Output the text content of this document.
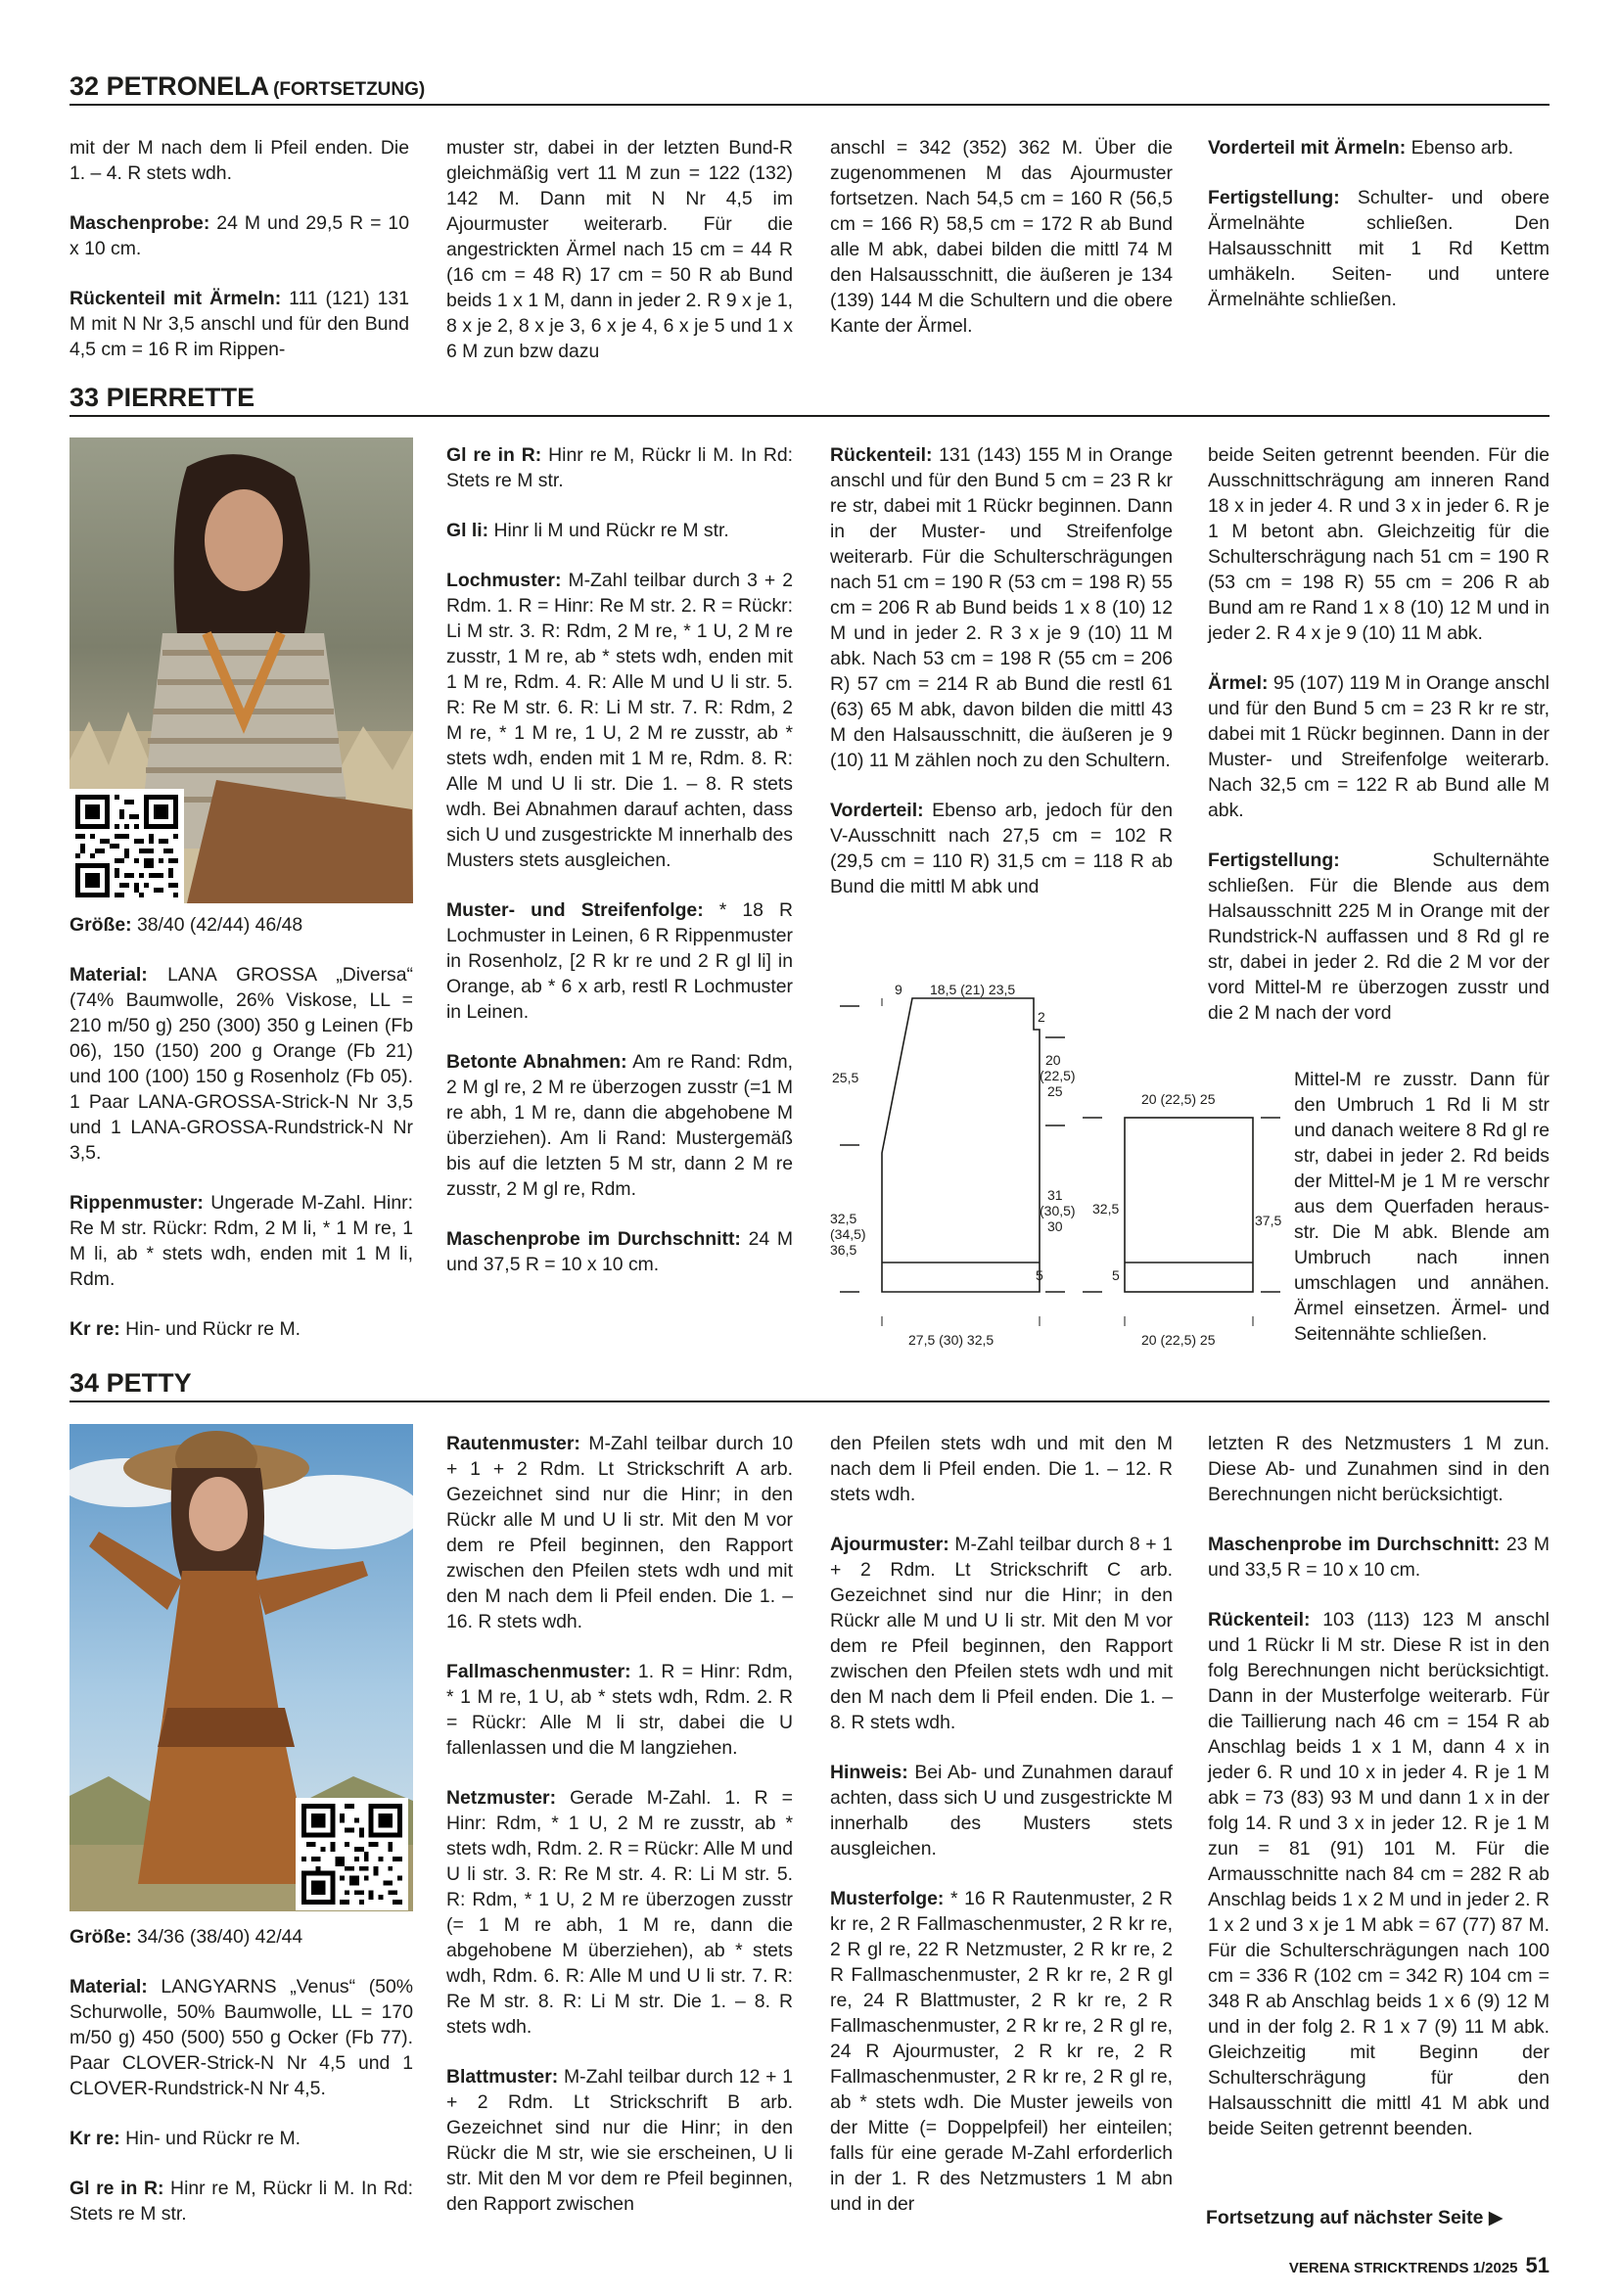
32 PETRONELA (FORTSETZUNG)

mit der M nach dem li Pfeil enden. Die 1. – 4. R stets wdh.

Maschenprobe: 24 M und 29,5 R = 10 x 10 cm.

Rückenteil mit Ärmeln: 111 (121) 131 M mit N Nr 3,5 anschl und für den Bund 4,5 cm = 16 R im Rippen-

muster str, dabei in der letzten Bund-R gleichmäßig vert 11 M zun = 122 (132) 142 M. Dann mit N Nr 4,5 im Ajourmuster weiterarb. Für die angestrickten Ärmel nach 15 cm = 44 R (16 cm = 48 R) 17 cm = 50 R ab Bund beids 1 x 1 M, dann in jeder 2. R 9 x je 1, 8 x je 2, 8 x je 3, 6 x je 4, 6 x je 5 und 1 x 6 M zun bzw dazu

anschl = 342 (352) 362 M. Über die zugenommenen M das Ajourmuster fortsetzen. Nach 54,5 cm = 160 R (56,5 cm = 166 R) 58,5 cm = 172 R ab Bund alle M abk, dabei bilden die mittl 74 M den Halsausschnitt, die äußeren je 134 (139) 144 M die Schultern und die obere Kante der Ärmel.

Vorderteil mit Ärmeln: Ebenso arb.

Fertigstellung: Schulter- und obere Ärmelnähte schließen. Den Halsausschnitt mit 1 Rd Kettm umhäkeln. Seiten- und untere Ärmelnähte schließen.

33 PIERRETTE

Größe: 38/40 (42/44) 46/48

Material: LANA GROSSA „Diversa“ (74% Baumwolle, 26% Viskose, LL = 210 m/50 g) 250 (300) 350 g Leinen (Fb 06), 150 (150) 200 g Orange (Fb 21) und 100 (100) 150 g Rosenholz (Fb 05). 1 Paar LANA-GROSSA-Strick-N Nr 3,5 und 1 LANA-GROSSA-Rundstrick-N Nr 3,5.

Rippenmuster: Ungerade M-Zahl. Hinr: Re M str. Rückr: Rdm, 2 M li, * 1 M re, 1 M li, ab * stets wdh, enden mit 1 M li, Rdm.

Kr re: Hin- und Rückr re M.

Gl re in R: Hinr re M, Rückr li M. In Rd: Stets re M str.

Gl li: Hinr li M und Rückr re M str.

Lochmuster: M-Zahl teilbar durch 3 + 2 Rdm. 1. R = Hinr: Re M str. 2. R = Rückr: Li M str. 3. R: Rdm, 2 M re, * 1 U, 2 M re zusstr, 1 M re, ab * stets wdh, enden mit 1 M re, Rdm. 4. R: Alle M und U li str. 5. R: Re M str. 6. R: Li M str. 7. R: Rdm, 2 M re, * 1 M re, 1 U, 2 M re zusstr, ab * stets wdh, enden mit 1 M re, Rdm. 8. R: Alle M und U li str. Die 1. – 8. R stets wdh. Bei Abnahmen darauf achten, dass sich U und zusgestrickte M innerhalb des Musters stets ausgleichen.

Muster- und Streifenfolge: * 18 R Lochmuster in Leinen, 6 R Rippenmuster in Rosenholz, [2 R kr re und 2 R gl li] in Orange, ab * 6 x arb, restl R Lochmuster in Leinen.

Betonte Abnahmen: Am re Rand: Rdm, 2 M gl re, 2 M re überzogen zusstr (=1 M re abh, 1 M re, dann die abgehobene M überziehen). Am li Rand: Mustergemäß bis auf die letzten 5 M str, dann 2 M re zusstr, 2 M gl re, Rdm.

Maschenprobe im Durchschnitt: 24 M und 37,5 R = 10 x 10 cm.

Rückenteil: 131 (143) 155 M in Orange anschl und für den Bund 5 cm = 23 R kr re str, dabei mit 1 Rückr beginnen. Dann in der Muster- und Streifenfolge weiterarb. Für die Schulterschrägungen nach 51 cm = 190 R (53 cm = 198 R) 55 cm = 206 R ab Bund beids 1 x 8 (10) 12 M und in jeder 2. R 3 x je 9 (10) 11 M abk. Nach 53 cm = 198 R (55 cm = 206 R) 57 cm = 214 R ab Bund die restl 61 (63) 65 M abk, davon bilden die mittl 43 M den Halsausschnitt, die äußeren je 9 (10) 11 M zählen noch zu den Schultern.

Vorderteil: Ebenso arb, jedoch für den V-Ausschnitt nach 27,5 cm = 102 R (29,5 cm = 110 R) 31,5 cm = 118 R ab Bund die mittl M abk und

beide Seiten getrennt beenden. Für die Ausschnittschrägung am inneren Rand 18 x in jeder 4. R und 3 x in jeder 6. R je 1 M betont abn. Gleichzeitig für die Schulterschrägung nach 51 cm = 190 R (53 cm = 198 R) 55 cm = 206 R ab Bund am re Rand 1 x 8 (10) 12 M und in jeder 2. R 4 x je 9 (10) 11 M abk.

Ärmel: 95 (107) 119 M in Orange anschl und für den Bund 5 cm = 23 R kr re str, dabei mit 1 Rückr beginnen. Dann in der Muster- und Streifenfolge weiterarb. Nach 32,5 cm = 122 R ab Bund alle M abk.

Fertigstellung: Schulternähte schließen. Für die Blende aus dem Halsausschnitt 225 M in Orange mit der Rundstrick-N auffassen und 8 Rd gl re str, dabei in jeder 2. Rd die 2 M vor der vord Mittel-M re überzogen zusstr und die 2 M nach der vord

Mittel-M re zusstr. Dann für den Umbruch 1 Rd li M str und danach weitere 8 Rd gl re str, dabei in jeder 2. Rd beids der Mittel-M je 1 M re verschr aus dem Querfaden herausstr. Die M abk. Blende am Umbruch nach innen umschlagen und annähen. Ärmel einsetzen. Ärmel- und Seitennähte schließen.

9 18,5 (21) 23,5
2
25,5
20
(22,5)
25
31
(30,5)
30
32,5
(34,5)
36,5
5
27,5 (30) 32,5
20 (22,5) 25
32,5
37,5
5
20 (22,5) 25
34 PETTY

Größe: 34/36 (38/40) 42/44

Material: LANGYARNS „Venus“ (50% Schurwolle, 50% Baumwolle, LL = 170 m/50 g) 450 (500) 550 g Ocker (Fb 77). Paar CLOVER-Strick-N Nr 4,5 und 1 CLOVER-Rundstrick-N Nr 4,5.

Kr re: Hin- und Rückr re M.

Gl re in R: Hinr re M, Rückr li M. In Rd: Stets re M str.

Rautenmuster: M-Zahl teilbar durch 10 + 1 + 2 Rdm. Lt Strickschrift A arb. Gezeichnet sind nur die Hinr; in den Rückr alle M und U li str. Mit den M vor dem re Pfeil beginnen, den Rapport zwischen den Pfeilen stets wdh und mit den M nach dem li Pfeil enden. Die 1. – 16. R stets wdh.

Fallmaschenmuster: 1. R = Hinr: Rdm, * 1 M re, 1 U, ab * stets wdh, Rdm. 2. R = Rückr: Alle M li str, dabei die U fallenlassen und die M langziehen.

Netzmuster: Gerade M-Zahl. 1. R = Hinr: Rdm, * 1 U, 2 M re zusstr, ab * stets wdh, Rdm. 2. R = Rückr: Alle M und U li str. 3. R: Re M str. 4. R: Li M str. 5. R: Rdm, * 1 U, 2 M re überzogen zusstr (= 1 M re abh, 1 M re, dann die abgehobene M überziehen), ab * stets wdh, Rdm. 6. R: Alle M und U li str. 7. R: Re M str. 8. R: Li M str. Die 1. – 8. R stets wdh.

Blattmuster: M-Zahl teilbar durch 12 + 1 + 2 Rdm. Lt Strickschrift B arb. Gezeichnet sind nur die Hinr; in den Rückr die M str, wie sie erscheinen, U li str. Mit den M vor dem re Pfeil beginnen, den Rapport zwischen

den Pfeilen stets wdh und mit den M nach dem li Pfeil enden. Die 1. – 12. R stets wdh.

Ajourmuster: M-Zahl teilbar durch 8 + 1 + 2 Rdm. Lt Strickschrift C arb. Gezeichnet sind nur die Hinr; in den Rückr alle M und U li str. Mit den M vor dem re Pfeil beginnen, den Rapport zwischen den Pfeilen stets wdh und mit den M nach dem li Pfeil enden. Die 1. – 8. R stets wdh.

Hinweis: Bei Ab- und Zunahmen darauf achten, dass sich U und zusgestrickte M innerhalb des Musters stets ausgleichen.

Musterfolge: * 16 R Rautenmuster, 2 R kr re, 2 R Fallmaschenmuster, 2 R kr re, 2 R gl re, 22 R Netzmuster, 2 R kr re, 2 R Fallmaschenmuster, 2 R kr re, 2 R gl re, 24 R Blattmuster, 2 R kr re, 2 R Fallmaschenmuster, 2 R kr re, 2 R gl re, 24 R Ajourmuster, 2 R kr re, 2 R Fallmaschenmuster, 2 R kr re, 2 R gl re, ab * stets wdh. Die Muster jeweils von der Mitte (= Doppelpfeil) her einteilen; falls für eine gerade M-Zahl erforderlich in der 1. R des Netzmusters 1 M abn und in der

letzten R des Netzmusters 1 M zun. Diese Ab- und Zunahmen sind in den Berechnungen nicht berücksichtigt.

Maschenprobe im Durchschnitt: 23 M und 33,5 R = 10 x 10 cm.

Rückenteil: 103 (113) 123 M anschl und 1 Rückr li M str. Diese R ist in den folg Berechnungen nicht berücksichtigt. Dann in der Musterfolge weiterarb. Für die Taillierung nach 46 cm = 154 R ab Anschlag beids 1 x 1 M, dann 4 x in jeder 6. R und 10 x in jeder 4. R je 1 M abk = 73 (83) 93 M und dann 1 x in der folg 14. R und 3 x in jeder 12. R je 1 M zun = 81 (91) 101 M. Für die Armausschnitte nach 84 cm = 282 R ab Anschlag beids 1 x 2 M und in jeder 2. R 1 x 2 und 3 x je 1 M abk = 67 (77) 87 M. Für die Schulterschrägungen nach 100 cm = 336 R (102 cm = 342 R) 104 cm = 348 R ab Anschlag beids 1 x 6 (9) 12 M und in der folg 2. R 1 x 7 (9) 11 M abk. Gleichzeitig mit Beginn der Schulterschrägung für den Halsausschnitt die mittl 41 M abk und beide Seiten getrennt beenden.

Fortsetzung auf nächster Seite ▶
VERENA STRICKTRENDS 1/2025 51
